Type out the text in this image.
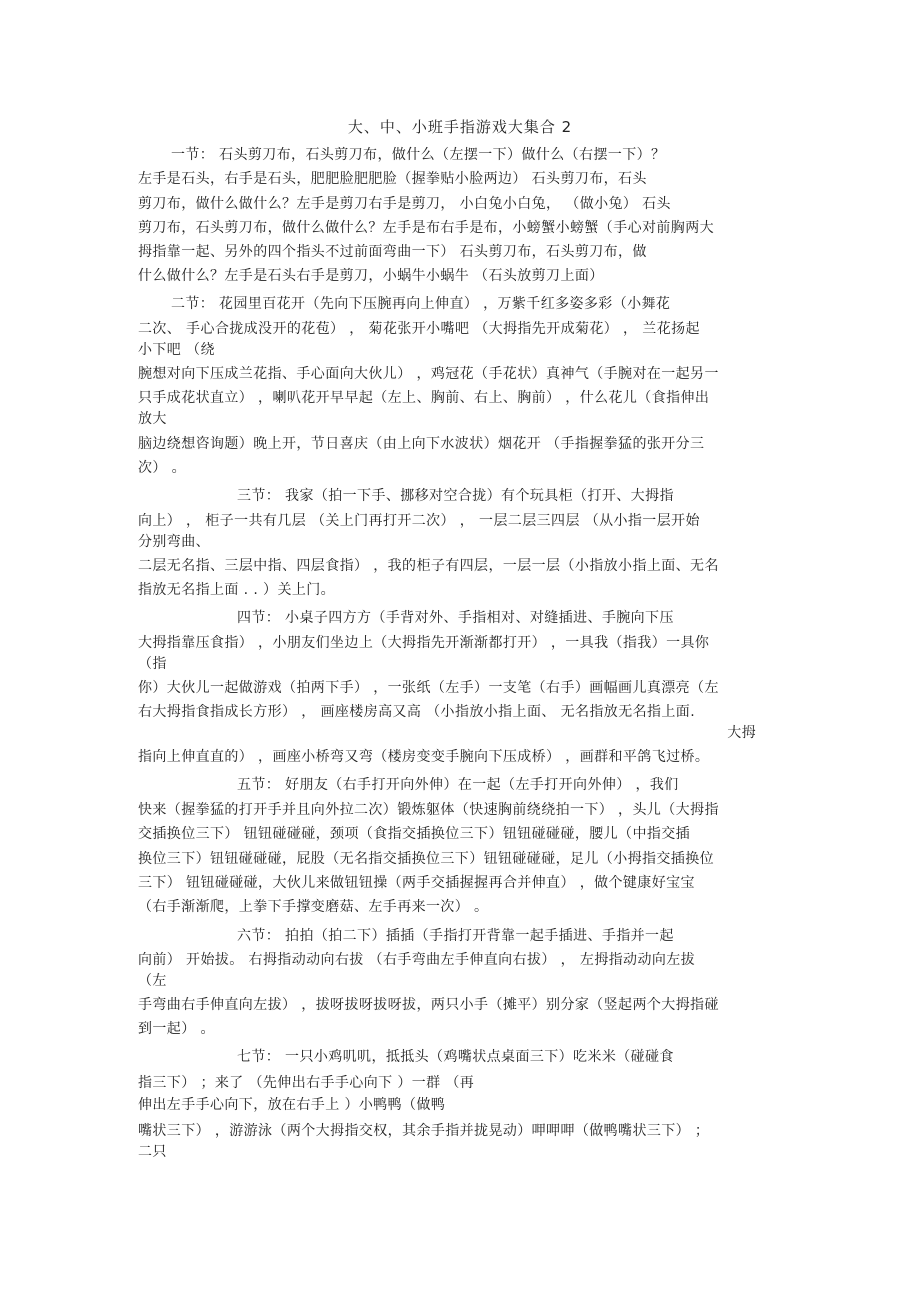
大、中、小班手指游戏大集合 2
一节： 石头剪刀布，石头剪刀布，做什么（左摆一下）做什么（右摆一下）？
左手是石头，右手是石头，肥肥脸肥肥脸（握拳贴小脸两边） 石头剪刀布，石头
剪刀布，做什么做什么？左手是剪刀右手是剪刀， 小白兔小白兔， （做小兔） 石头
剪刀布，石头剪刀布，做什么做什么？左手是布右手是布，小螃蟹小螃蟹（手心对前胸两大
拇指靠一起、另外的四个指头不过前面弯曲一下） 石头剪刀布，石头剪刀布，做
什么做什么？左手是石头右手是剪刀，小蜗牛小蜗牛 （石头放剪刀上面）
二节： 花园里百花开（先向下压腕再向上伸直） ，万紫千红多姿多彩（小舞花
二次、 手心合拢成没开的花苞） ， 菊花张开小嘴吧 （大拇指先开成菊花） ， 兰花扬起
小下吧 （绕
腕想对向下压成兰花指、手心面向大伙儿） ，鸡冠花（手花状）真神气（手腕对在一起另一
只手成花状直立） ，喇叭花开早早起（左上、胸前、右上、胸前） ，什么花儿（食指伸出
放大
脑边绕想咨询题）晚上开，节日喜庆（由上向下水波状）烟花开 （手指握拳猛的张开分三
次） 。
三节： 我家（拍一下手、挪移对空合拢）有个玩具柜（打开、大拇指
向上） ， 柜子一共有几层 （关上门再打开二次） ， 一层二层三四层 （从小指一层开始
分别弯曲、
二层无名指、三层中指、四层食指） ，我的柜子有四层，一层一层（小指放小指上面、无名
指放无名指上面 . . ）关上门。
四节： 小桌子四方方（手背对外、手指相对、对缝插进、手腕向下压
大拇指靠压食指） ，小朋友们坐边上（大拇指先开渐渐都打开） ，一具我（指我）一具你
（指
你）大伙儿一起做游戏（拍两下手） ，一张纸（左手）一支笔（右手）画幅画儿真漂亮（左
右大拇指食指成长方形） ， 画座楼房高又高 （小指放小指上面、 无名指放无名指上面.
大拇
指向上伸直直的） ，画座小桥弯又弯（楼房变变手腕向下压成桥） ，画群和平鸽飞过桥。
五节： 好朋友（右手打开向外伸）在一起（左手打开向外伸） ，我们
快来（握拳猛的打开手并且向外拉二次）锻炼躯体（快速胸前绕绕拍一下） ，头儿（大拇指
交插换位三下） 钮钮碰碰碰，颈项（食指交插换位三下）钮钮碰碰碰，腰儿（中指交插
换位三下）钮钮碰碰碰，屁股（无名指交插换位三下）钮钮碰碰碰，足儿（小拇指交插换位
三下） 钮钮碰碰碰，大伙儿来做钮钮操（两手交插握握再合并伸直） ，做个键康好宝宝
（右手渐渐爬，上拳下手撑变磨菇、左手再来一次） 。
六节： 拍拍（拍二下）插插（手指打开背靠一起手插进、手指并一起
向前） 开始拔。 右拇指动动向右拔 （右手弯曲左手伸直向右拔） ， 左拇指动动向左拔
（左
手弯曲右手伸直向左拔） ，拔呀拔呀拔呀拔，两只小手（摊平）别分家（竖起两个大拇指碰
到一起） 。
七节： 一只小鸡叽叽，抵抵头（鸡嘴状点桌面三下）吃米米（碰碰食
指三下） ；来了 （先伸出右手手心向下 ）一群 （再
伸出左手手心向下，放在右手上 ）小鸭鸭（做鸭
嘴状三下） ，游游泳（两个大拇指交权，其余手指并拢晃动）呷呷呷（做鸭嘴状三下） ；
二只
